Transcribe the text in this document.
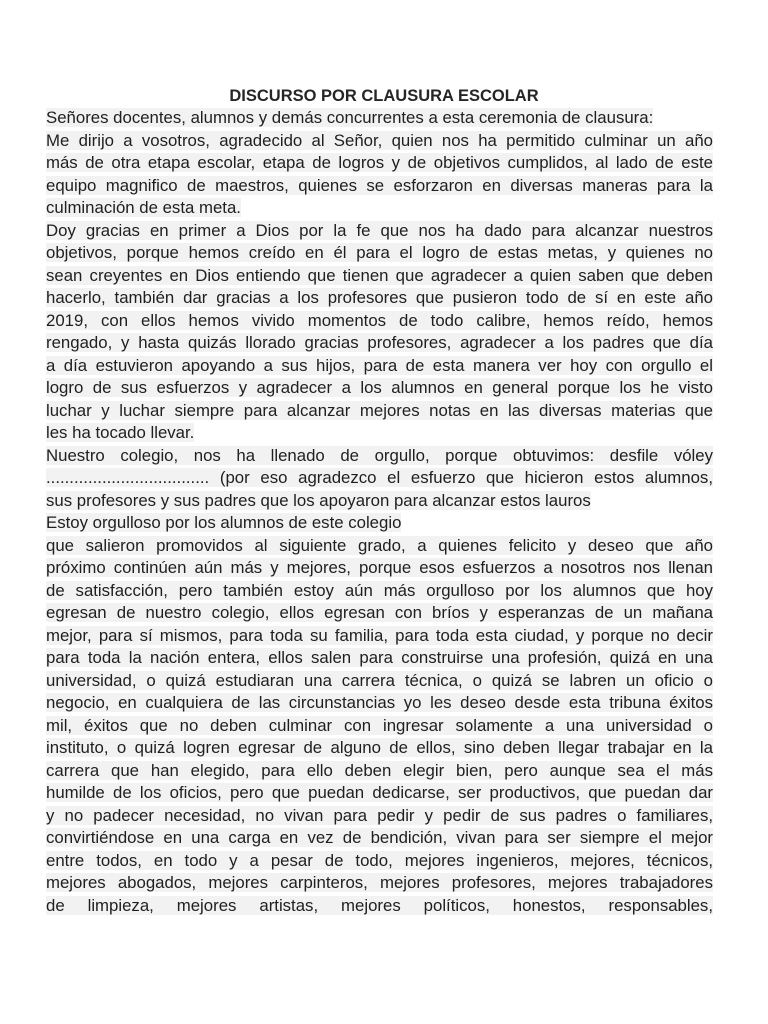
DISCURSO POR CLAUSURA ESCOLAR
Señores docentes, alumnos y demás concurrentes a esta ceremonia de clausura:
Me dirijo a vosotros, agradecido al Señor, quien nos ha permitido culminar un año
más de otra etapa escolar, etapa de logros y de objetivos cumplidos, al lado de este
equipo magnifico de maestros, quienes se esforzaron en diversas maneras para la
culminación de esta meta.
Doy gracias en primer a Dios por la fe que nos ha dado para alcanzar nuestros
objetivos, porque hemos creído en él para el logro de estas metas, y quienes no
sean creyentes en Dios entiendo que tienen que agradecer a quien saben que deben
hacerlo, también dar gracias a los profesores que pusieron todo de sí en este año
2019, con ellos hemos vivido momentos de todo calibre, hemos reído, hemos
rengado, y hasta quizás llorado gracias profesores, agradecer a los padres que día
a día estuvieron apoyando a sus hijos, para de esta manera ver hoy con orgullo el
logro de sus esfuerzos y agradecer a los alumnos en general porque los he visto
luchar y luchar siempre para alcanzar mejores notas en las diversas materias que
les ha tocado llevar.
Nuestro colegio, nos ha llenado de orgullo, porque obtuvimos: desfile vóley
................................... (por eso agradezco el esfuerzo que hicieron estos alumnos,
sus profesores y sus padres que los apoyaron para alcanzar estos lauros
Estoy orgulloso por los alumnos de este colegio
que salieron promovidos al siguiente grado, a quienes felicito y deseo que año
próximo continúen aún más y mejores, porque esos esfuerzos a nosotros nos llenan
de satisfacción, pero también estoy aún más orgulloso por los alumnos que hoy
egresan de nuestro colegio, ellos egresan con bríos y esperanzas de un mañana
mejor, para sí mismos, para toda su familia, para toda esta ciudad, y porque no decir
para toda la nación entera, ellos salen para construirse una profesión, quizá en una
universidad, o quizá estudiaran una carrera técnica, o quizá se labren un oficio o
negocio, en cualquiera de las circunstancias yo les deseo desde esta tribuna éxitos
mil, éxitos que no deben culminar con ingresar solamente a una universidad o
instituto, o quizá logren egresar de alguno de ellos, sino deben llegar trabajar en la
carrera que han elegido, para ello deben elegir bien, pero aunque sea el más
humilde de los oficios, pero que puedan dedicarse, ser productivos, que puedan dar
y no padecer necesidad, no vivan para pedir y pedir de sus padres o familiares,
convirtiéndose en una carga en vez de bendición, vivan para ser siempre el mejor
entre todos, en todo y a pesar de todo, mejores ingenieros, mejores, técnicos,
mejores abogados, mejores carpinteros, mejores profesores, mejores trabajadores
de limpieza, mejores artistas, mejores políticos, honestos, responsables,
